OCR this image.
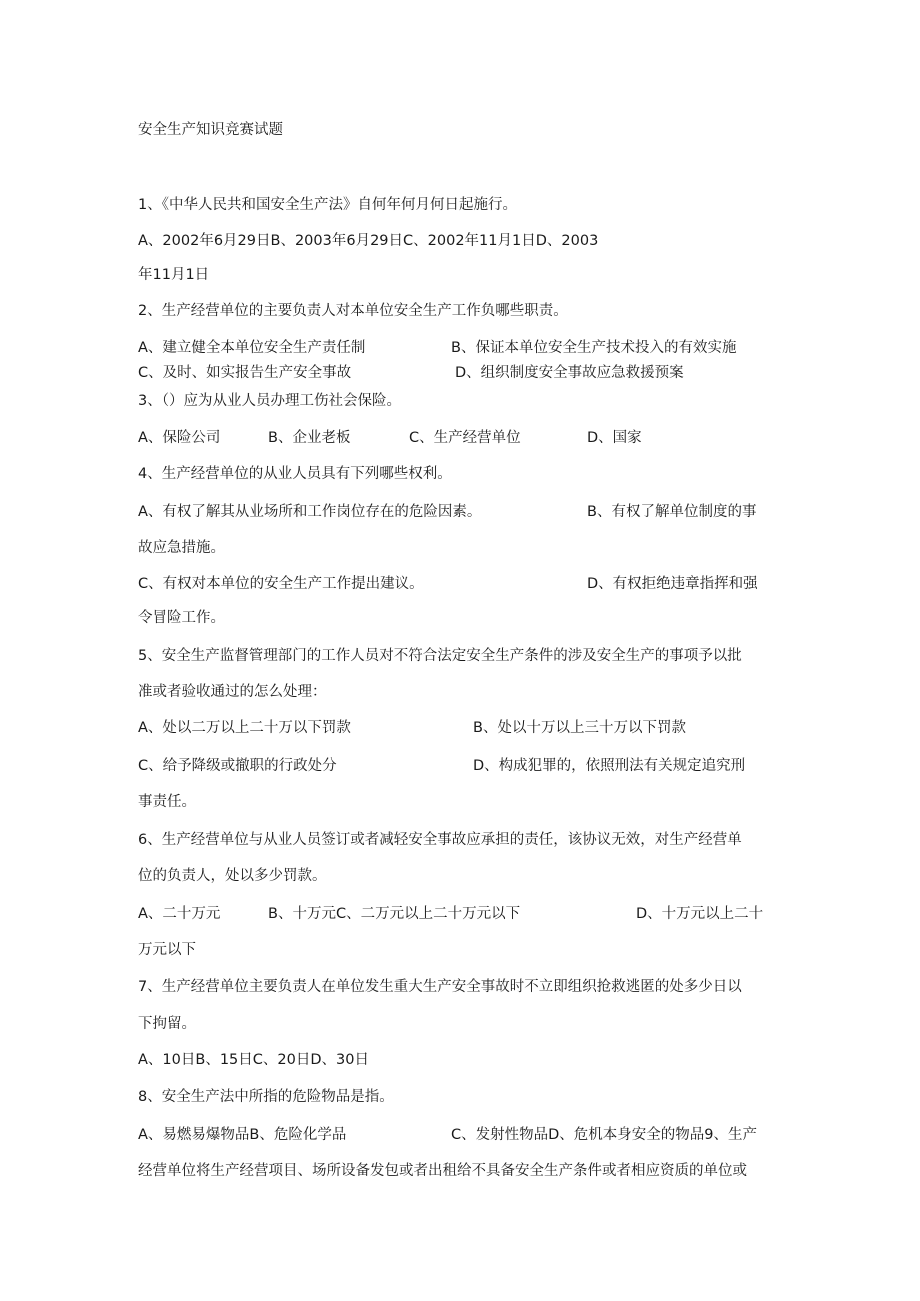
安全生产知识竞赛试题
1、《中华人民共和国安全生产法》自何年何月何日起施行。
A、2002年6月29日B、2003年6月29日C、2002年11月1日D、2003
年11月1日
2、生产经营单位的主要负责人对本单位安全生产工作负哪些职责。
A、建立健全本单位安全生产责任制	B、保证本单位安全生产技术投入的有效实施
C、及时、如实报告生产安全事故	D、组织制度安全事故应急救援预案
3、（）应为从业人员办理工伤社会保险。
A、保险公司	B、企业老板	C、生产经营单位	D、国家
4、生产经营单位的从业人员具有下列哪些权利。
A、有权了解其从业场所和工作岗位存在的危险因素。	B、有权了解单位制度的事
故应急措施。
C、有权对本单位的安全生产工作提出建议。	D、有权拒绝违章指挥和强
令冒险工作。
5、安全生产监督管理部门的工作人员对不符合法定安全生产条件的涉及安全生产的事项予以批
准或者验收通过的怎么处理：
A、处以二万以上二十万以下罚款	B、处以十万以上三十万以下罚款
C、给予降级或撤职的行政处分	D、构成犯罪的，依照刑法有关规定追究刑
事责任。
6、生产经营单位与从业人员签订或者减轻安全事故应承担的责任，该协议无效，对生产经营单
位的负责人，处以多少罚款。
A、二十万元	B、十万元C、二万元以上二十万元以下	D、十万元以上二十
万元以下
7、生产经营单位主要负责人在单位发生重大生产安全事故时不立即组织抢救逃匿的处多少日以
下拘留。
A、10日B、15日C、20日D、30日
8、安全生产法中所指的危险物品是指。
A、易燃易爆物品B、危险化学品	C、发射性物品D、危机本身安全的物品9、生产
经营单位将生产经营项目、场所设备发包或者出租给不具备安全生产条件或者相应资质的单位或
